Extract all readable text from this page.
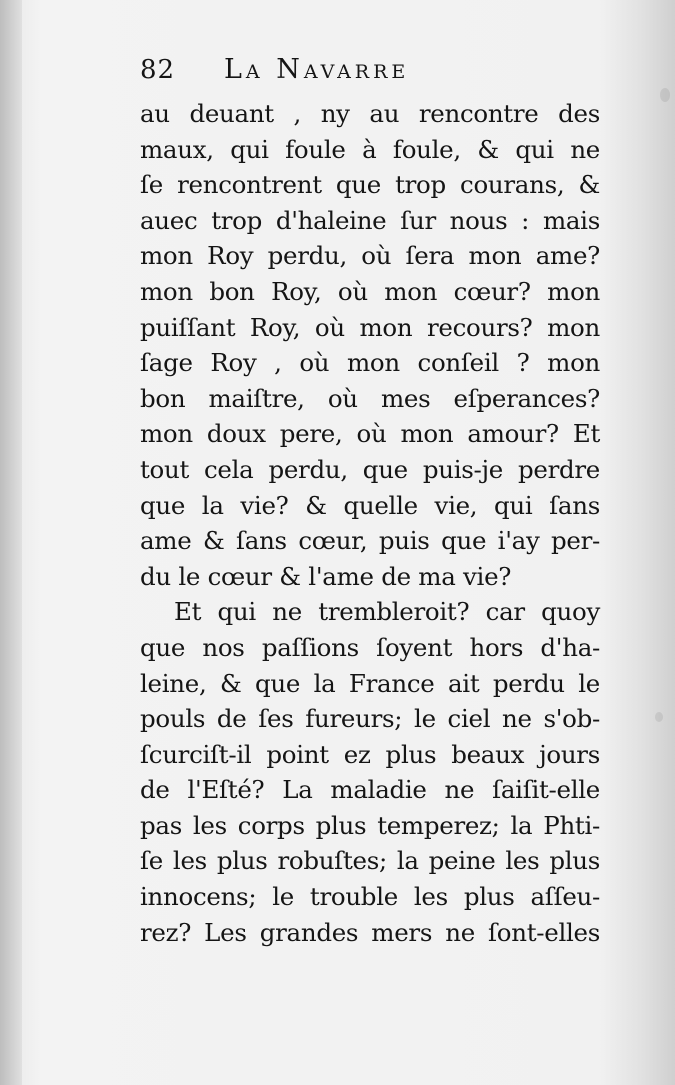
82	La Navarre
au deuant , ny au rencontre des
maux, qui foule à foule, & qui ne
ſe rencontrent que trop courans, &
auec trop d'haleine ſur nous : mais
mon Roy perdu, où ſera mon ame?
mon bon Roy, où mon cœur? mon
puiſſant Roy, où mon recours? mon
ſage Roy , où mon conſeil ? mon
bon maiſtre, où mes eſperances?
mon doux pere, où mon amour? Et
tout cela perdu, que puis-je perdre
que la vie? & quelle vie, qui ſans
ame & ſans cœur, puis que i'ay per-
du le cœur & l'ame de ma vie?
Et qui ne trembleroit? car quoy
que nos paſſions ſoyent hors d'ha-
leine, & que la France ait perdu le
pouls de ſes fureurs; le ciel ne s'ob-
ſcurciſt-il point ez plus beaux jours
de l'Eſté? La maladie ne ſaiſit-elle
pas les corps plus temperez; la Phti-
ſe les plus robuſtes; la peine les plus
innocens; le trouble les plus aſſeu-
rez? Les grandes mers ne ſont-elles
